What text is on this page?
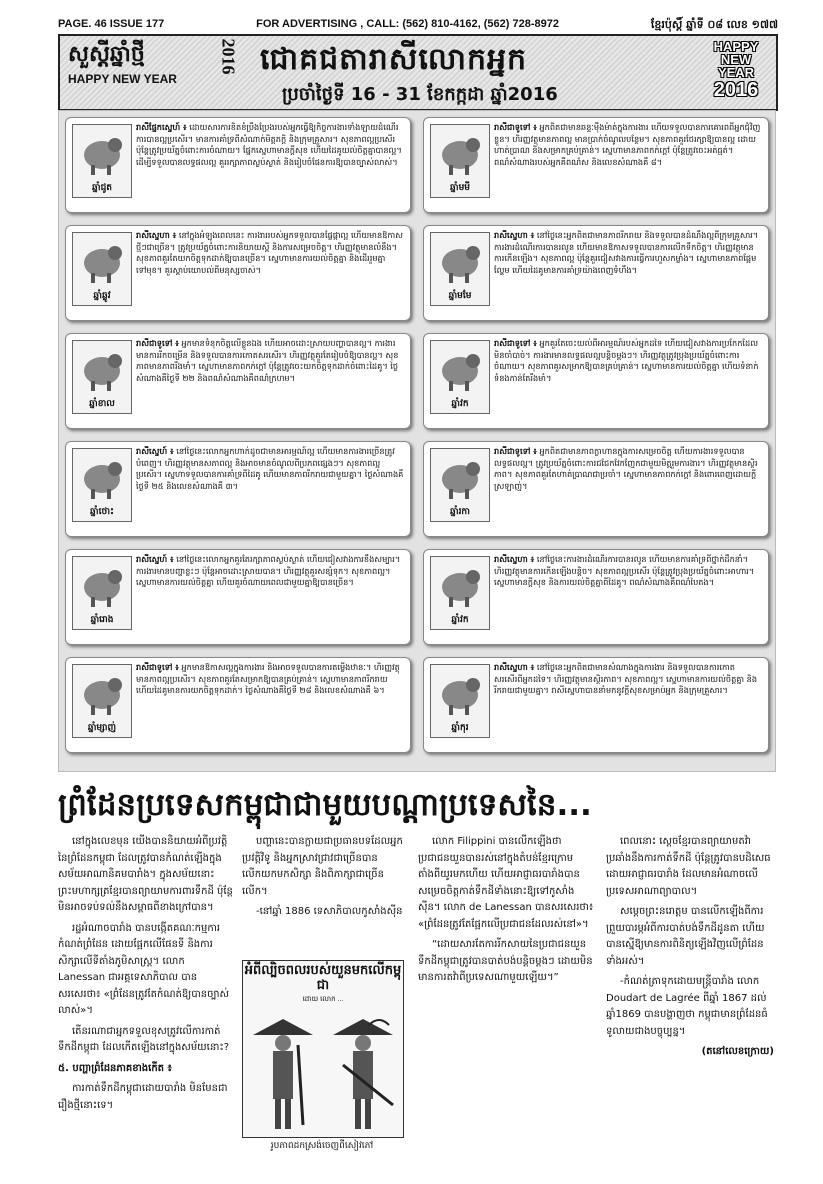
PAGE. 46 ISSUE 177	FOR ADVERTISING , CALL: (562) 810-4162, (562) 728-8972	ខ្មែរប៉ុស្ដិ៍ ឆ្នាំទី ០៨ លេខ ១៧៧
សួស្ដីឆ្នាំថ្មី
HAPPY NEW YEAR
2016 ជោគជតារាសីលោកអ្នក
ប្រចាំថ្ងៃទី 16 - 31 ខែកក្កដា ឆ្នាំ2016
HAPPY
NEW
YEAR
2016
ឆ្នាំជូត
រាសីផ្នែកស្នេហ៍ ៖ ដោយសារការខិតខំប្រឹងប្រែងរបស់អ្នកធ្វើឱ្យកិច្ចការងារទាំងឡាយដំណើរការបានល្អប្រសើរ។ មានការគាំទ្រពីសំណាក់មិត្តភក្តិ និងក្រុមគ្រួសារ។ សុខភាពល្អប្រសើរ ប៉ុន្តែត្រូវប្រយ័ត្នចំពោះការចំណាយ។ ផ្នែកស្នេហាមានក្ដីសុខ ហើយដៃគូយល់ចិត្តគ្នាបានល្អ។ ដើម្បីទទួលបានលទ្ធផលល្អ គួររក្សាភាពស្ងប់ស្ងាត់ និងរៀបចំផែនការឱ្យបានច្បាស់លាស់។
ឆ្នាំមមី
រាសីជាទូទៅ ៖ អ្នកពិតជាមានឆន្ទៈម៉ឺងម៉ាត់ក្នុងការងារ ហើយទទួលបានការគោរពពីអ្នកជុំវិញខ្លួន។ ហិរញ្ញវត្ថុមានភាពល្អ មានប្រាក់ចំណូលបន្ថែម។ សុខភាពគួរថែរក្សាឱ្យបានល្អ ដោយហាត់ប្រាណ និងសម្រាកគ្រប់គ្រាន់។ ស្នេហាមានភាពកក់ក្ដៅ ប៉ុន្តែត្រូវចេះអត់ធ្មត់។ ពណ៌សំណាងរបស់អ្នកគឺពណ៌ស និងលេខសំណាងគឺ ៨។
ឆ្នាំឆ្លូវ
រាសីស្នេហា ៖ នៅក្នុងអំឡុងពេលនេះ ការងាររបស់អ្នកទទួលបានផ្លែផ្កាល្អ ហើយមានឱកាសថ្មីៗជាច្រើន។ ត្រូវប្រយ័ត្នចំពោះការនិយាយស្ដី និងការសម្រេចចិត្ត។ ហិរញ្ញវត្ថុមានលំនឹង។ សុខភាពគួរតែយកចិត្តទុកដាក់ឱ្យបានច្រើន។ ស្នេហាមានការយល់ចិត្តគ្នា និងដើររួមគ្នាទៅមុខ។ គួរស្ដាប់យោបល់ពីមនុស្សចាស់។
ឆ្នាំមមែ
រាសីស្នេហា ៖ នៅថ្ងៃនេះអ្នកពិតជាមានភាពរីករាយ និងទទួលបានដំណឹងល្អពីក្រុមគ្រួសារ។ ការងារដំណើរការបានរលូន ហើយមានឱកាសទទួលបានការលើកទឹកចិត្ត។ ហិរញ្ញវត្ថុមានការកើនឡើង។ សុខភាពល្អ ប៉ុន្តែគួរជៀសវាងការធ្វើការហួសកម្លាំង។ ស្នេហាមានភាពផ្អែមល្ហែម ហើយដៃគូមានការគាំទ្រយ៉ាងពេញទំហឹង។
ឆ្នាំខាល
រាសីជាទូទៅ ៖ អ្នកមានទំនុកចិត្តលើខ្លួនឯង ហើយអាចដោះស្រាយបញ្ហាបានល្អ។ ការងារមានការរីកចម្រើន និងទទួលបានការកោតសរសើរ។ ហិរញ្ញវត្ថុគួរតែរៀបចំឱ្យបានល្អ។ សុខភាពមានភាពរឹងមាំ។ ស្នេហាមានភាពកក់ក្ដៅ ប៉ុន្តែត្រូវចេះយកចិត្តទុកដាក់ចំពោះដៃគូ។ ថ្ងៃសំណាងគឺថ្ងៃទី ២២ និងពណ៌សំណាងគឺពណ៌ក្រហម។
ឆ្នាំវក
រាសីជាទូទៅ ៖ អ្នកគួរតែចេះយល់ពីអារម្មណ៍របស់អ្នកដទៃ ហើយជៀសវាងការប្រកែកដែលមិនចាំបាច់។ ការងារមានលទ្ធផលល្អបន្តិចម្ដងៗ។ ហិរញ្ញវត្ថុត្រូវប្រុងប្រយ័ត្នចំពោះការចំណាយ។ សុខភាពគួរសម្រាកឱ្យបានគ្រប់គ្រាន់។ ស្នេហាមានការយល់ចិត្តគ្នា ហើយទំនាក់ទំនងកាន់តែរឹងមាំ។
ឆ្នាំថោះ
រាសីស្នេហ៍ ៖ នៅថ្ងៃនេះលោកអ្នកហាក់ដូចជាមានអារម្មណ៍ល្អ ហើយមានការងារច្រើនត្រូវបំពេញ។ ហិរញ្ញវត្ថុមានសភាពល្អ និងអាចមានចំណូលពីប្រភពផ្សេងៗ។ សុខភាពល្អប្រសើរ។ ស្នេហាទទួលបានការគាំទ្រពីដៃគូ ហើយមានភាពរីករាយជាមួយគ្នា។ ថ្ងៃសំណាងគឺថ្ងៃទី ២៥ និងលេខសំណាងគឺ ៣។
ឆ្នាំរកា
រាសីជាទូទៅ ៖ អ្នកពិតជាមានភាពក្លាហានក្នុងការសម្រេចចិត្ត ហើយការងារទទួលបានលទ្ធផលល្អ។ ត្រូវប្រយ័ត្នចំពោះការជជែកវែកញែកជាមួយមិត្តរួមការងារ។ ហិរញ្ញវត្ថុមានស្ថិរភាព។ សុខភាពគួរតែហាត់ប្រាណជាប្រចាំ។ ស្នេហាមានភាពកក់ក្ដៅ និងពោរពេញដោយក្ដីស្រឡាញ់។
ឆ្នាំរោង
រាសីស្នេហ៍ ៖ នៅថ្ងៃនេះលោកអ្នកគួរតែរក្សាភាពស្ងប់ស្ងាត់ ហើយជៀសវាងការខឹងសម្បារ។ ការងារមានបញ្ហាខ្លះៗ ប៉ុន្តែអាចដោះស្រាយបាន។ ហិរញ្ញវត្ថុគួរសន្សំទុក។ សុខភាពល្អ។ ស្នេហាមានការយល់ចិត្តគ្នា ហើយគួរចំណាយពេលជាមួយគ្នាឱ្យបានច្រើន។
ឆ្នាំវក
រាសីស្នេហា ៖ នៅថ្ងៃនេះការងារដំណើរការបានរលូន ហើយមានការគាំទ្រពីថ្នាក់ដឹកនាំ។ ហិរញ្ញវត្ថុមានការកើនឡើងបន្តិច។ សុខភាពល្អប្រសើរ ប៉ុន្តែត្រូវប្រុងប្រយ័ត្នចំពោះអាហារ។ ស្នេហាមានក្ដីសុខ និងការយល់ចិត្តគ្នាពីដៃគូ។ ពណ៌សំណាងគឺពណ៌បៃតង។
ឆ្នាំម្សាញ់
រាសីជាទូទៅ ៖ អ្នកមានឱកាសល្អក្នុងការងារ និងអាចទទួលបានការតម្លើងឋានៈ។ ហិរញ្ញវត្ថុមានភាពល្អប្រសើរ។ សុខភាពគួរតែសម្រាកឱ្យបានគ្រប់គ្រាន់។ ស្នេហាមានភាពរីករាយ ហើយដៃគូមានការយកចិត្តទុកដាក់។ ថ្ងៃសំណាងគឺថ្ងៃទី ២៨ និងលេខសំណាងគឺ ៦។
ឆ្នាំកុរ
រាសីស្នេហា ៖ នៅថ្ងៃនេះអ្នកពិតជាមានសំណាងក្នុងការងារ និងទទួលបានការកោតសរសើរពីអ្នកដទៃ។ ហិរញ្ញវត្ថុមានស្ថិរភាព។ សុខភាពល្អ។ ស្នេហាមានការយល់ចិត្តគ្នា និងរីករាយជាមួយគ្នា។ រាសីស្នេហាបាននាំមកនូវក្ដីសុខសម្រាប់អ្នក និងក្រុមគ្រួសារ។
ព្រំដែនប្រទេសកម្ពុជាជាមួយបណ្ដាប្រទេសនៃ...

នៅក្នុងលេខមុន យើងបាននិយាយអំពីប្រវត្តិនៃព្រំដែនកម្ពុជា ដែលត្រូវបានកំណត់ឡើងក្នុងសម័យអាណានិគមបារាំង។ ក្នុងសម័យនោះ ព្រះមហាក្សត្រខ្មែរបានព្យាយាមការពារទឹកដី ប៉ុន្តែមិនអាចទប់ទល់នឹងសម្ពាធពីខាងក្រៅបាន។

រដ្ឋអំណាចបារាំង បានបង្កើតគណៈកម្មការកំណត់ព្រំដែន ដោយផ្អែកលើផែនទី និងការសិក្សាលើទីតាំងភូមិសាស្ត្រ។ លោក Lanessan ជាអគ្គទេសាភិបាល បានសរសេរថា៖ «ព្រំដែនត្រូវតែកំណត់ឱ្យបានច្បាស់លាស់»។

តើនរណាជាអ្នកទទួលខុសត្រូវលើការកាត់ទឹកដីកម្ពុជា ដែលកើតឡើងនៅក្នុងសម័យនោះ?

៥. បញ្ហាព្រំដែនភាគខាងកើត ៖

ការកាត់ទឹកដីកម្ពុជាដោយបារាំង មិនមែនជារឿងថ្មីនោះទេ។

បញ្ហានេះបានក្លាយជាប្រធានបទដែលអ្នកប្រវត្តិវិទូ និងអ្នកស្រាវជ្រាវជាច្រើនបានលើកយកមកសិក្សា និងពិភាក្សាជាច្រើនលើក។

-នៅឆ្នាំ 1886 ទេសាភិបាលកូសាំងស៊ីន

អំពីល្បិចពលរបស់យួនមកលើកម្ពុជា
ដោយ លោក ...
រូបភាពដកស្រង់ចេញពីសៀវភៅ

លោក Filippini បានលើកឡើងថា ប្រជាជនយួនបានរស់នៅក្នុងតំបន់ខ្មែរក្រោមតាំងពីយូរមកហើយ ហើយអាជ្ញាធរបារាំងបានសម្រេចចិត្តកាត់ទឹកដីទាំងនោះឱ្យទៅកូសាំងស៊ីន។ លោក de Lanessan បានសរសេរថា៖ «ព្រំដែនត្រូវតែផ្អែកលើប្រជាជនដែលរស់នៅ»។

“ដោយសារតែការរីកសាយនៃប្រជាជនយួន ទឹកដីកម្ពុជាត្រូវបានបាត់បង់បន្តិចម្ដងៗ ដោយមិនមានការតវ៉ាពីប្រទេសណាមួយឡើយ។”

ពេលនោះ ស្តេចខ្មែរបានព្យាយាមតវ៉ាប្រឆាំងនឹងការកាត់ទឹកដី ប៉ុន្តែត្រូវបានបដិសេធដោយអាជ្ញាធរបារាំង ដែលមានអំណាចលើប្រទេសអាណាព្យាបាល។

សម្ដេចព្រះនរោត្តម បានលើកឡើងពីការព្រួយបារម្ភអំពីការបាត់បង់ទឹកដីដូនតា ហើយបានស្នើឱ្យមានការពិនិត្យឡើងវិញលើព្រំដែនទាំងអស់។

-កំណត់ត្រាទុកដោយមន្ត្រីបារាំង លោក Doudart de Lagrée ពីឆ្នាំ 1867 ដល់ឆ្នាំ1869 បានបង្ហាញថា កម្ពុជាមានព្រំដែនធំទូលាយជាងបច្ចុប្បន្ន។

(តនៅលេខក្រោយ)
